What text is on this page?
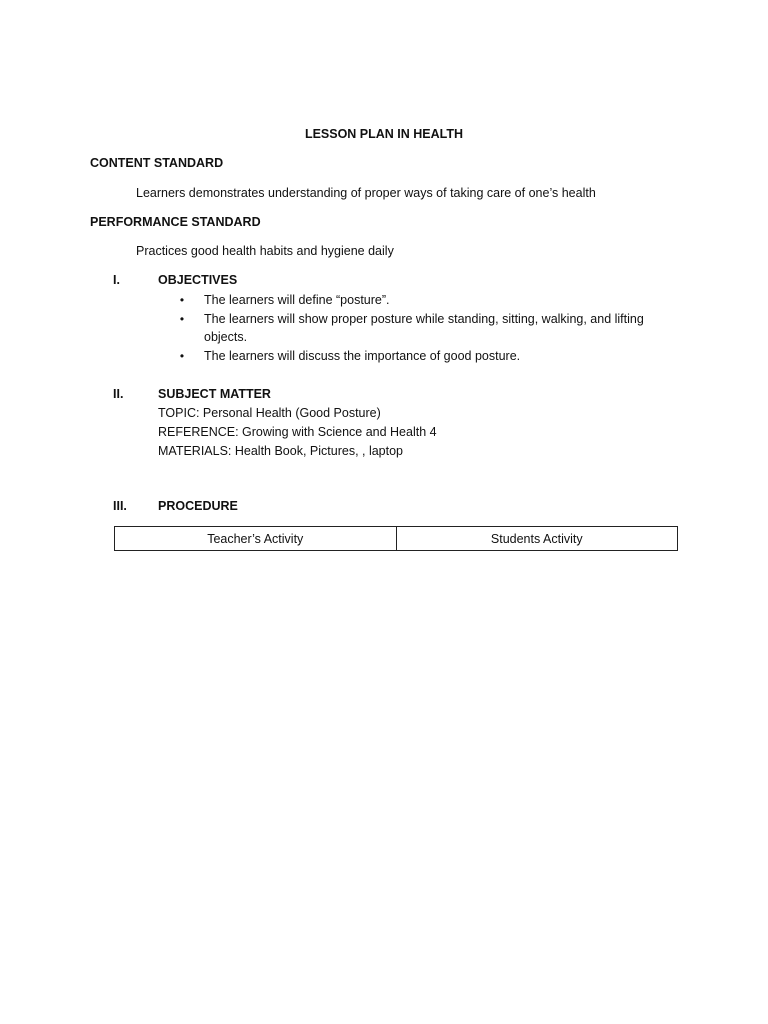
LESSON PLAN IN HEALTH
CONTENT STANDARD
Learners demonstrates understanding of proper ways of taking care of one’s health
PERFORMANCE STANDARD
Practices good health habits and hygiene daily
I.	OBJECTIVES
• The learners will define “posture”.
• The learners will show proper posture while standing, sitting, walking, and lifting
objects.
• The learners will discuss the importance of good posture.
II.	SUBJECT MATTER
TOPIC: Personal Health (Good Posture)
REFERENCE: Growing with Science and Health 4
MATERIALS: Health Book, Pictures, , laptop
III. PROCEDURE
Teacher’s Activity	Students Activity
